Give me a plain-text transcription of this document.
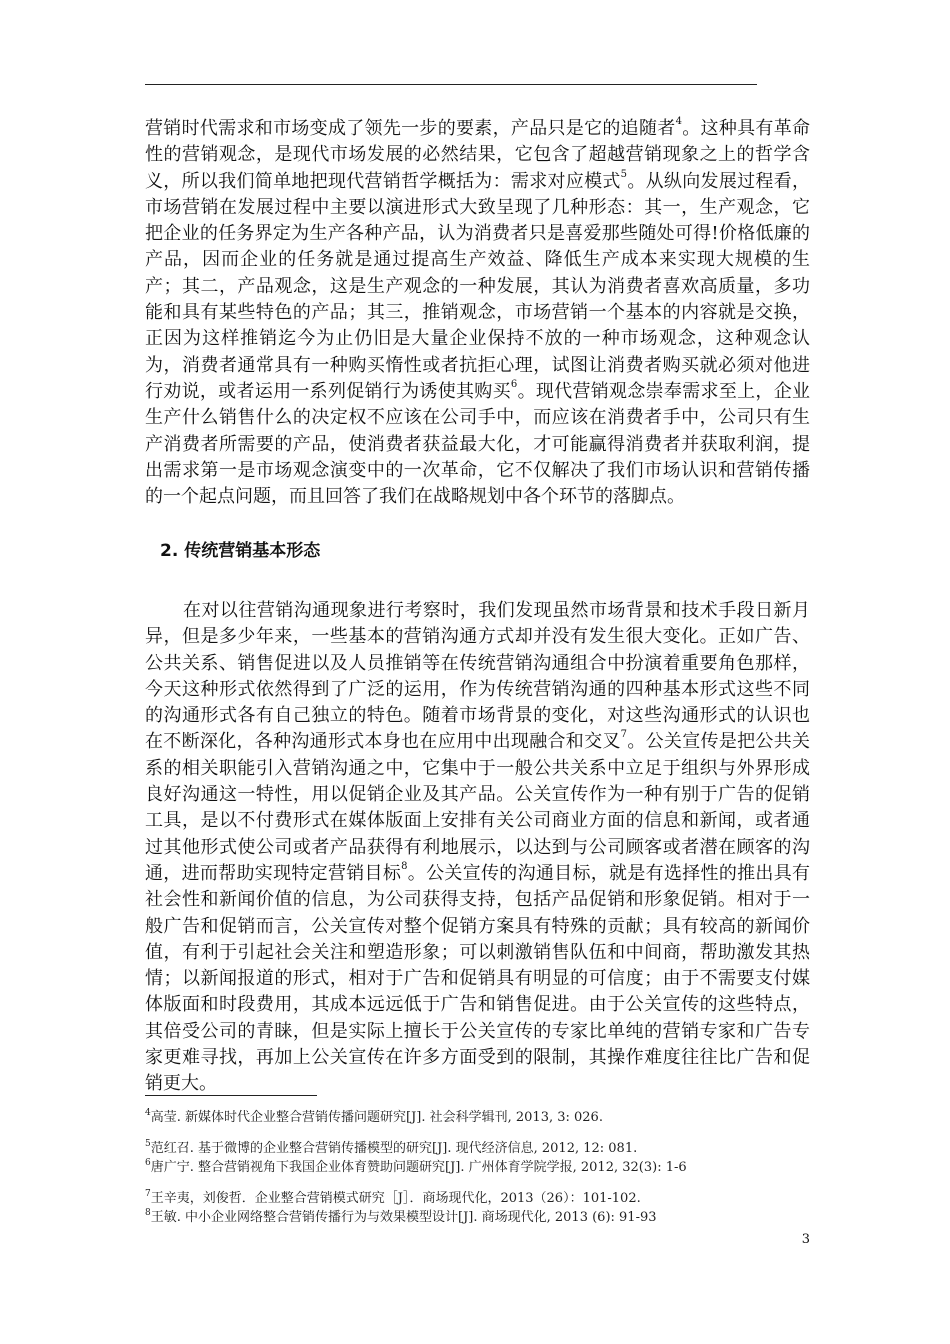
营销时代需求和市场变成了领先一步的要素，产品只是它的追随者$^4$。这种具有革命性的营销观念，是现代市场发展的必然结果，它包含了超越营销现象之上的哲学含义，所以我们简单地把现代营销哲学概括为：需求对应模式$^5$。从纵向发展过程看，市场营销在发展过程中主要以演进形式大致呈现了几种形态：其一，生产观念，它把企业的任务界定为生产各种产品，认为消费者只是喜爱那些随处可得!价格低廉的产品，因而企业的任务就是通过提高生产效益、降低生产成本来实现大规模的生产；其二，产品观念，这是生产观念的一种发展，其认为消费者喜欢高质量，多功能和具有某些特色的产品；其三，推销观念，市场营销一个基本的内容就是交换，正因为这样推销迄今为止仍旧是大量企业保持不放的一种市场观念，这种观念认为，消费者通常具有一种购买惰性或者抗拒心理，试图让消费者购买就必须对他进行劝说，或者运用一系列促销行为诱使其购买$^6$。现代营销观念崇奉需求至上，企业生产什么销售什么的决定权不应该在公司手中，而应该在消费者手中，公司只有生产消费者所需要的产品，使消费者获益最大化，才可能赢得消费者并获取利润，提出需求第一是市场观念演变中的一次革命，它不仅解决了我们市场认识和营销传播的一个起点问题，而且回答了我们在战略规划中各个环节的落脚点。

2. 传统营销基本形态

在对以往营销沟通现象进行考察时，我们发现虽然市场背景和技术手段日新月异，但是多少年来，一些基本的营销沟通方式却并没有发生很大变化。正如广告、公共关系、销售促进以及人员推销等在传统营销沟通组合中扮演着重要角色那样，今天这种形式依然得到了广泛的运用，作为传统营销沟通的四种基本形式这些不同的沟通形式各有自己独立的特色。随着市场背景的变化，对这些沟通形式的认识也在不断深化，各种沟通形式本身也在应用中出现融合和交叉$^7$。公关宣传是把公共关系的相关职能引入营销沟通之中，它集中于一般公共关系中立足于组织与外界形成良好沟通这一特性，用以促销企业及其产品。公关宣传作为一种有别于广告的促销工具，是以不付费形式在媒体版面上安排有关公司商业方面的信息和新闻，或者通过其他形式使公司或者产品获得有利地展示，以达到与公司顾客或者潜在顾客的沟通，进而帮助实现特定营销目标$^8$。公关宣传的沟通目标，就是有选择性的推出具有社会性和新闻价值的信息，为公司获得支持，包括产品促销和形象促销。相对于一般广告和促销而言，公关宣传对整个促销方案具有特殊的贡献；具有较高的新闻价值，有利于引起社会关注和塑造形象；可以刺激销售队伍和中间商，帮助激发其热情；以新闻报道的形式，相对于广告和促销具有明显的可信度；由于不需要支付媒体版面和时段费用，其成本远远低于广告和销售促进。由于公关宣传的这些特点，其倍受公司的青睐，但是实际上擅长于公关宣传的专家比单纯的营销专家和广告专家更难寻找，再加上公关宣传在许多方面受到的限制，其操作难度往往比广告和促销更大。

$^4$高莹. 新媒体时代企业整合营销传播问题研究[J]. 社会科学辑刊, 2013, 3: 026.

$^5$范红召. 基于微博的企业整合营销传播模型的研究[J]. 现代经济信息, 2012, 12: 081.

$^6$唐广宁. 整合营销视角下我国企业体育赞助问题研究[J]. 广州体育学院学报, 2012, 32(3): 1-6

$^7$王辛夷，刘俊哲．企业整合营销模式研究［J］．商场现代化，2013（26）：101-102.

$^8$王敏. 中小企业网络整合营销传播行为与效果模型设计[J]. 商场现代化, 2013 (6): 91-93

3
